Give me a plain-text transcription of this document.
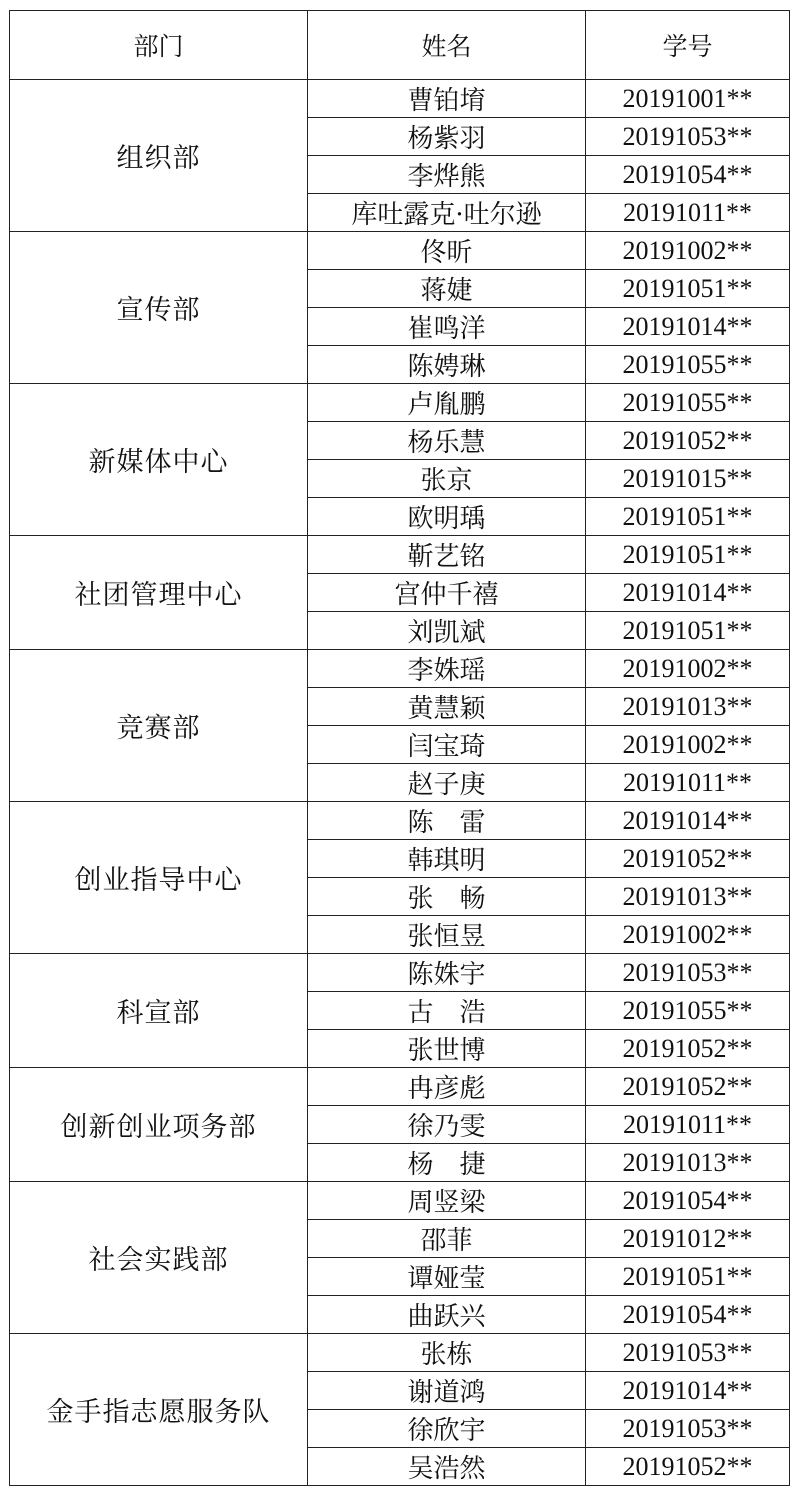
部门	姓名	学号
组织部	曹铂堉	20191001**
	杨紫羽	20191053**
	李烨熊	20191054**
	库吐露克·吐尔逊	20191011**
宣传部	佟昕	20191002**
	蒋婕	20191051**
	崔鸣洋	20191014**
	陈娉琳	20191055**
新媒体中心	卢胤鹏	20191055**
	杨乐慧	20191052**
	张京	20191015**
	欧明瑀	20191051**
社团管理中心	靳艺铭	20191051**
	宫仲千禧	20191014**
	刘凯斌	20191051**
竞赛部	李姝瑶	20191002**
	黄慧颖	20191013**
	闫宝琦	20191002**
	赵子庚	20191011**
创业指导中心	陈　雷	20191014**
	韩琪明	20191052**
	张　畅	20191013**
	张恒昱	20191002**
科宣部	陈姝宇	20191053**
	古　浩	20191055**
	张世博	20191052**
创新创业项务部	冉彦彪	20191052**
	徐乃雯	20191011**
	杨　捷	20191013**
社会实践部	周竖梁	20191054**
	邵菲	20191012**
	谭娅莹	20191051**
	曲跃兴	20191054**
金手指志愿服务队	张栋	20191053**
	谢道鸿	20191014**
	徐欣宇	20191053**
	吴浩然	20191052**
